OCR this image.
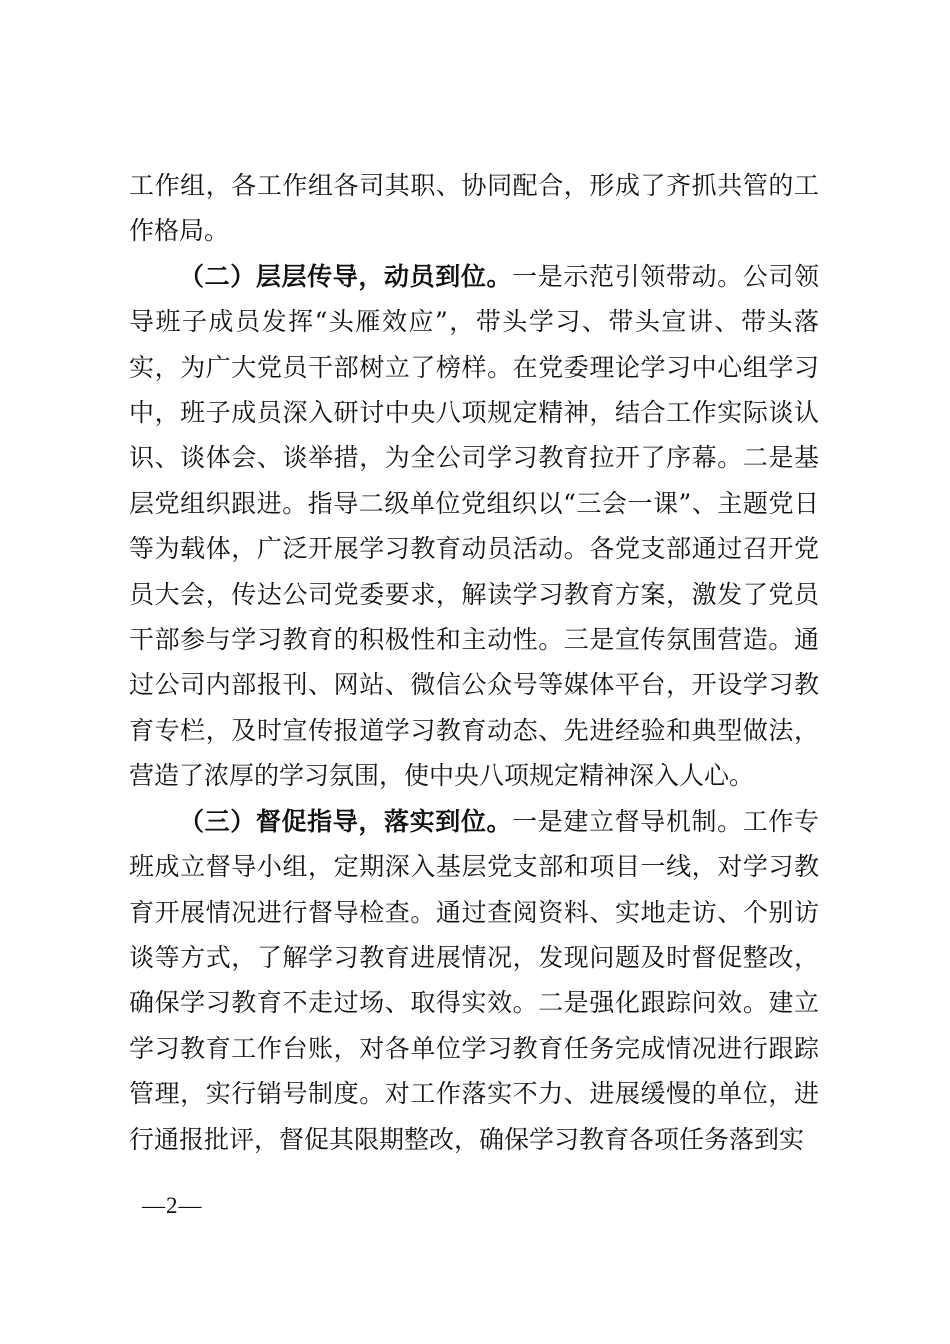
工作组，各工作组各司其职、协同配合，形成了齐抓共管的工作格局。

（二）层层传导，动员到位。一是示范引领带动。公司领导班子成员发挥“头雁效应”，带头学习、带头宣讲、带头落实，为广大党员干部树立了榜样。在党委理论学习中心组学习中，班子成员深入研讨中央八项规定精神，结合工作实际谈认识、谈体会、谈举措，为全公司学习教育拉开了序幕。二是基层党组织跟进。指导二级单位党组织以“三会一课”、主题党日等为载体，广泛开展学习教育动员活动。各党支部通过召开党员大会，传达公司党委要求，解读学习教育方案，激发了党员干部参与学习教育的积极性和主动性。三是宣传氛围营造。通过公司内部报刊、网站、微信公众号等媒体平台，开设学习教育专栏，及时宣传报道学习教育动态、先进经验和典型做法，营造了浓厚的学习氛围，使中央八项规定精神深入人心。

（三）督促指导，落实到位。一是建立督导机制。工作专班成立督导小组，定期深入基层党支部和项目一线，对学习教育开展情况进行督导检查。通过查阅资料、实地走访、个别访谈等方式，了解学习教育进展情况，发现问题及时督促整改，确保学习教育不走过场、取得实效。二是强化跟踪问效。建立学习教育工作台账，对各单位学习教育任务完成情况进行跟踪管理，实行销号制度。对工作落实不力、进展缓慢的单位，进行通报批评，督促其限期整改，确保学习教育各项任务落到实

—2—
